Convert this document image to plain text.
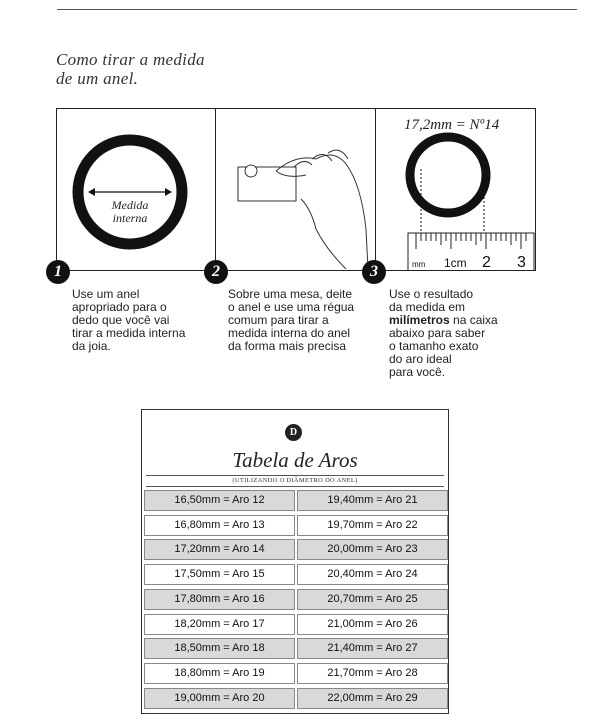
Como tirar a medida
de um anel.
Medida
interna
17,2mm = Nº14
mm 1cm 2 3
1	2	3
Use um anel
apropriado para o
dedo que você vai
tirar a medida interna
da joia.
Sobre uma mesa, deite
o anel e use uma régua
comum para tirar a
medida interna do anel
da forma mais precisa
Use o resultado
da medida em
milímetros na caixa
abaixo para saber
o tamanho exato
do aro ideal
para você.
D
Tabela de Aros
(UTILIZANDO O DIÂMETRO DO ANEL)
16,50mm = Aro 12	19,40mm = Aro 21
16,80mm = Aro 13	19,70mm = Aro 22
17,20mm = Aro 14	20,00mm = Aro 23
17,50mm = Aro 15	20,40mm = Aro 24
17,80mm = Aro 16	20,70mm = Aro 25
18,20mm = Aro 17	21,00mm = Aro 26
18,50mm = Aro 18	21,40mm = Aro 27
18,80mm = Aro 19	21,70mm = Aro 28
19,00mm = Aro 20	22,00mm = Aro 29
